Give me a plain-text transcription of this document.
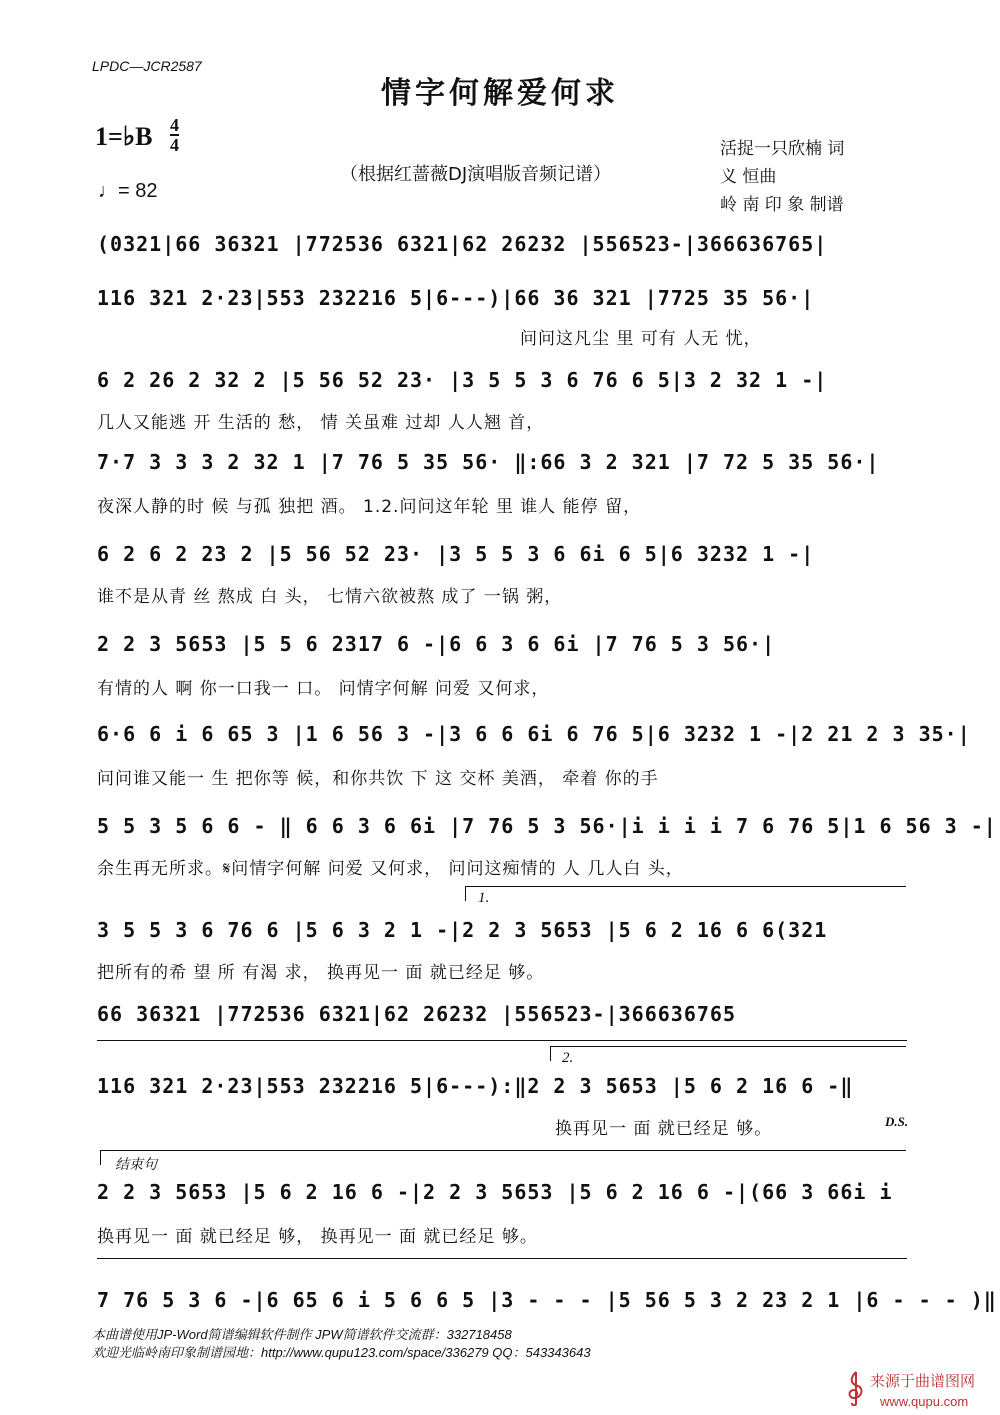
LPDC—JCR2587
情字何解爱何求
1=♭B 4
4
♩= 82
（根据红蔷薇DJ演唱版音频记谱）
活捉一只欣楠 词
义 恒曲
岭 南 印 象 制谱
(0321|66 36321 |772536 6321|62 26232 |556523-|366636765|
116 321 2·23|553 232216 5|6---)|66 36 321 |7725 35 56·|
问问这凡尘 里 可有 人无 忧，
6 2 26 2 32 2 |5 56 52 23· |3 5 5 3 6 76 6 5|3 2 32 1 -|
几人又能逃 开 生活的 愁， 情 关虽难 过却 人人翘 首，
7·7 3 3 3 2 32 1 |7 76 5 35 56· ‖:66 3 2 321 |7 72 5 35 56·|
夜深人静的时 候 与孤 独把 酒。 1.2.问问这年轮 里 谁人 能停 留，
6 2 6 2 23 2 |5 56 52 23· |3 5 5 3 6 6i 6 5|6 3232 1 -|
谁不是从青 丝 熬成 白 头， 七情六欲被熬 成了 一锅 粥，
2 2 3 5653 |5 5 6 2317 6 -|6 6 3 6 6i |7 76 5 3 56·|
有情的人 啊 你一口我一 口。 问情字何解 问爱 又何求，
6·6 6 i 6 65 3 |1 6 56 3 -|3 6 6 6i 6 76 5|6 3232 1 -|2 21 2 3 35·|
问问谁又能一 生 把你等 候，和你共饮 下 这 交杯 美酒， 牵着 你的手
5 5 3 5 6 6 - ‖ 6 6 3 6 6i |7 76 5 3 56·|i i i i 7 6 76 5|1 6 56 3 -|
余生再无所求。𝄋问情字何解 问爱 又何求， 问问这痴情的 人 几人白 头，
1.
3 5 5 3 6 76 6 |5 6 3 2 1 -|2 2 3 5653 |5 6 2 16 6 6(321
把所有的希 望 所 有渴 求， 换再见一 面 就已经足 够。
66 36321 |772536 6321|62 26232 |556523-|366636765
2.
116 321 2·23|553 232216 5|6---):‖2 2 3 5653 |5 6 2 16 6 -‖
换再见一 面 就已经足 够。	D.S.
结束句
2 2 3 5653 |5 6 2 16 6 -|2 2 3 5653 |5 6 2 16 6 -|(66 3 66i i
换再见一 面 就已经足 够， 换再见一 面 就已经足 够。
7 76 5 3 6 -|6 65 6 i 5 6 6 5 |3 - - - |5 56 5 3 2 23 2 1 |6 - - - )‖
本曲谱使用JP-Word简谱编辑软件制作 JPW简谱软件交流群：332718458
欢迎光临岭南印象制谱园地：http://www.qupu123.com/space/336279 QQ：543343643
来源于曲谱图网
www.qupu.com
